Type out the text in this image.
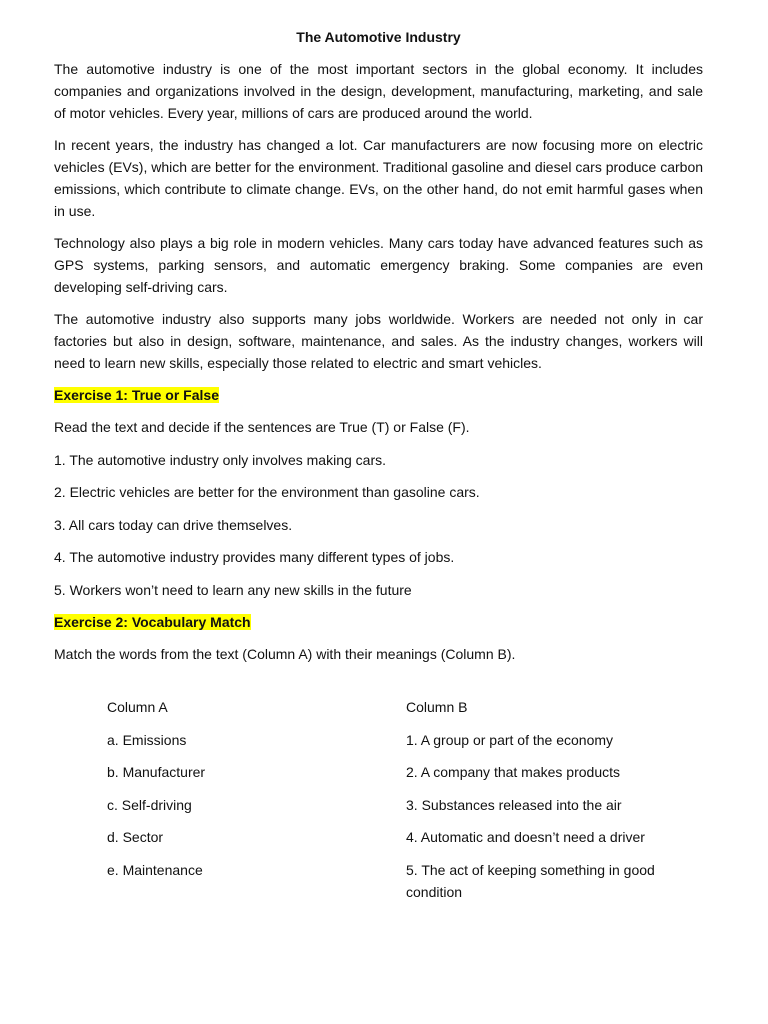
The Automotive Industry

The automotive industry is one of the most important sectors in the global economy. It includes companies and organizations involved in the design, development, manufacturing, marketing, and sale of motor vehicles. Every year, millions of cars are produced around the world.

In recent years, the industry has changed a lot. Car manufacturers are now focusing more on electric vehicles (EVs), which are better for the environment. Traditional gasoline and diesel cars produce carbon emissions, which contribute to climate change. EVs, on the other hand, do not emit harmful gases when in use.

Technology also plays a big role in modern vehicles. Many cars today have advanced features such as GPS systems, parking sensors, and automatic emergency braking. Some companies are even developing self-driving cars.

The automotive industry also supports many jobs worldwide. Workers are needed not only in car factories but also in design, software, maintenance, and sales. As the industry changes, workers will need to learn new skills, especially those related to electric and smart vehicles.

Exercise 1: True or False
Read the text and decide if the sentences are True (T) or False (F).
1. The automotive industry only involves making cars.
2. Electric vehicles are better for the environment than gasoline cars.
3. All cars today can drive themselves.
4. The automotive industry provides many different types of jobs.
5. Workers won’t need to learn any new skills in the future
Exercise 2: Vocabulary Match
Match the words from the text (Column A) with their meanings (Column B).
Column A	Column B
a. Emissions	1. A group or part of the economy
b. Manufacturer	2. A company that makes products
c. Self-driving	3. Substances released into the air
d. Sector	4. Automatic and doesn’t need a driver
e. Maintenance	5. The act of keeping something in good condition
